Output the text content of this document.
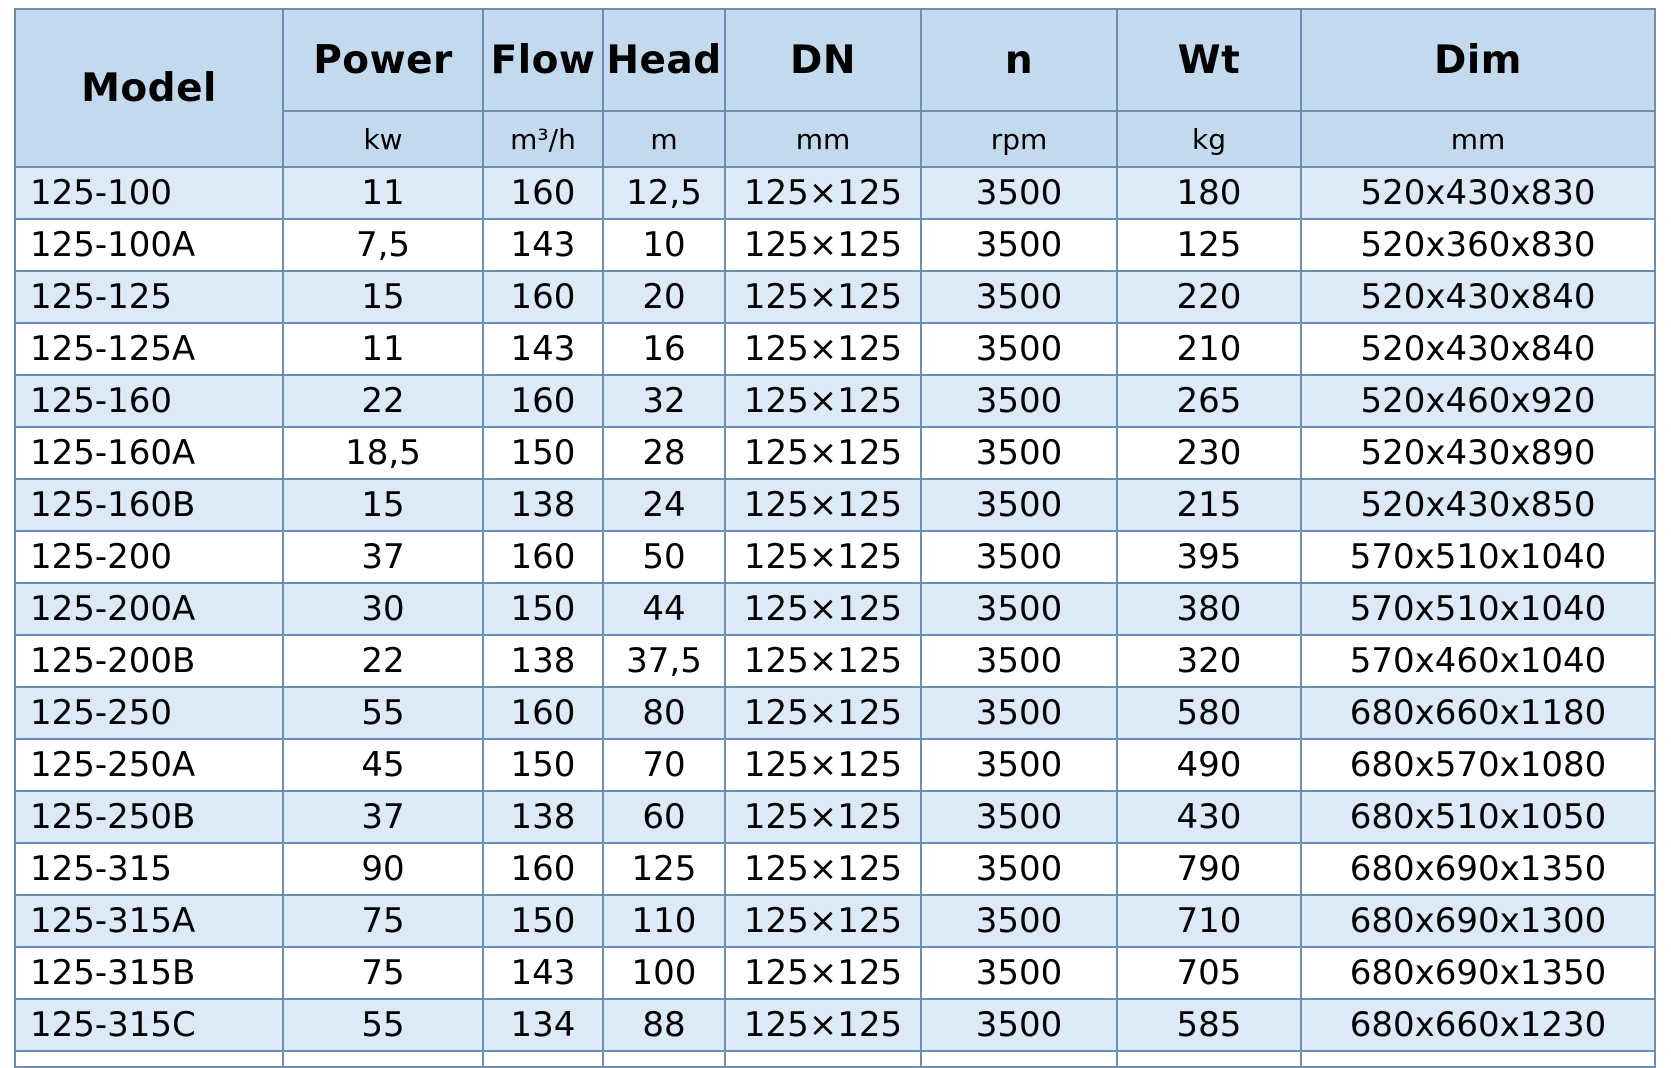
Model	Power	Flow	Head	DN	n	Wt	Dim
	kw	m³/h	m	mm	rpm	kg	mm
125-100	11	160	12,5	125×125	3500	180	520x430x830
125-100A	7,5	143	10	125×125	3500	125	520x360x830
125-125	15	160	20	125×125	3500	220	520x430x840
125-125A	11	143	16	125×125	3500	210	520x430x840
125-160	22	160	32	125×125	3500	265	520x460x920
125-160A	18,5	150	28	125×125	3500	230	520x430x890
125-160B	15	138	24	125×125	3500	215	520x430x850
125-200	37	160	50	125×125	3500	395	570x510x1040
125-200A	30	150	44	125×125	3500	380	570x510x1040
125-200B	22	138	37,5	125×125	3500	320	570x460x1040
125-250	55	160	80	125×125	3500	580	680x660x1180
125-250A	45	150	70	125×125	3500	490	680x570x1080
125-250B	37	138	60	125×125	3500	430	680x510x1050
125-315	90	160	125	125×125	3500	790	680x690x1350
125-315A	75	150	110	125×125	3500	710	680x690x1300
125-315B	75	143	100	125×125	3500	705	680x690x1350
125-315C	55	134	88	125×125	3500	585	680x660x1230
